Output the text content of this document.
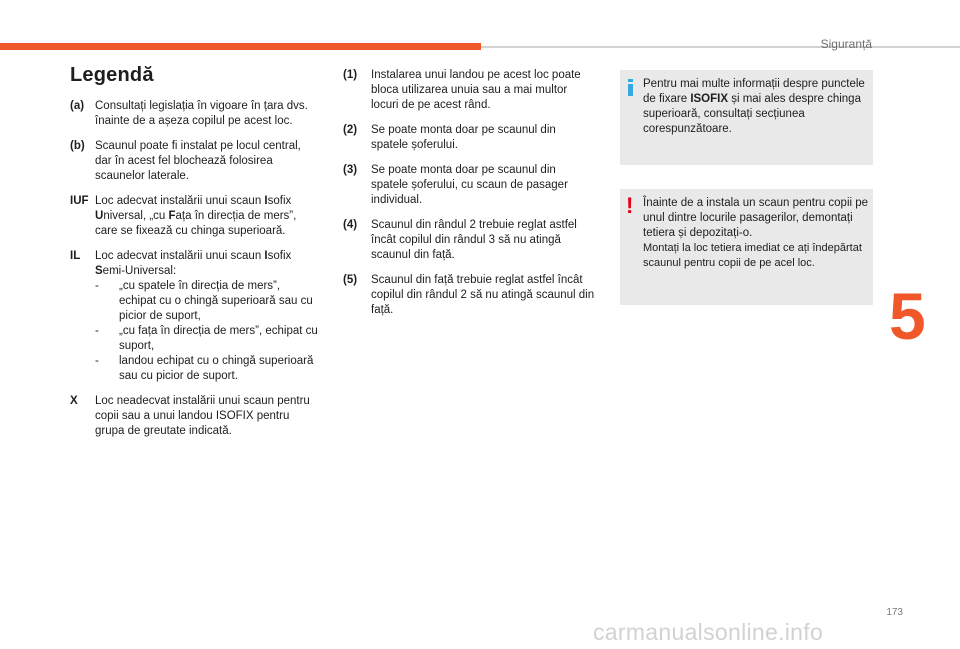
Siguranță
Legendă
(a) Consultați legislația în vigoare în țara dvs. înainte de a așeza copilul pe acest loc.

(b) Scaunul poate fi instalat pe locul central, dar în acest fel blochează folosirea scaunelor laterale.

IUF Loc adecvat instalării unui scaun Isofix Universal, „cu Fața în direcția de mers”, care se fixează cu chinga superioară.

IL Loc adecvat instalării unui scaun Isofix Semi-Universal:

- „cu spatele în direcția de mers”, echipat cu o chingă superioară sau cu picior de suport,

- „cu fața în direcția de mers”, echipat cu suport,

- landou echipat cu o chingă superioară sau cu picior de suport.

X Loc neadecvat instalării unui scaun pentru copii sau a unui landou ISOFIX pentru grupa de greutate indicată.

(1) Instalarea unui landou pe acest loc poate bloca utilizarea unuia sau a mai multor locuri de pe acest rând.

(2) Se poate monta doar pe scaunul din spatele șoferului.

(3) Se poate monta doar pe scaunul din spatele șoferului, cu scaun de pasager individual.

(4) Scaunul din rândul 2 trebuie reglat astfel încât copilul din rândul 3 să nu atingă scaunul din față.

(5) Scaunul din față trebuie reglat astfel încât copilul din rândul 2 să nu atingă scaunul din față.

Pentru mai multe informații despre punctele de fixare ISOFIX și mai ales despre chinga superioară, consultați secțiunea corespunzătoare.
! Înainte de a instala un scaun pentru copii pe unul dintre locurile pasagerilor, demontați tetiera și depozitați-o.

Montați la loc tetiera imediat ce ați îndepărtat scaunul pentru copii de pe acel loc.

5
173
carmanualsonline.info
